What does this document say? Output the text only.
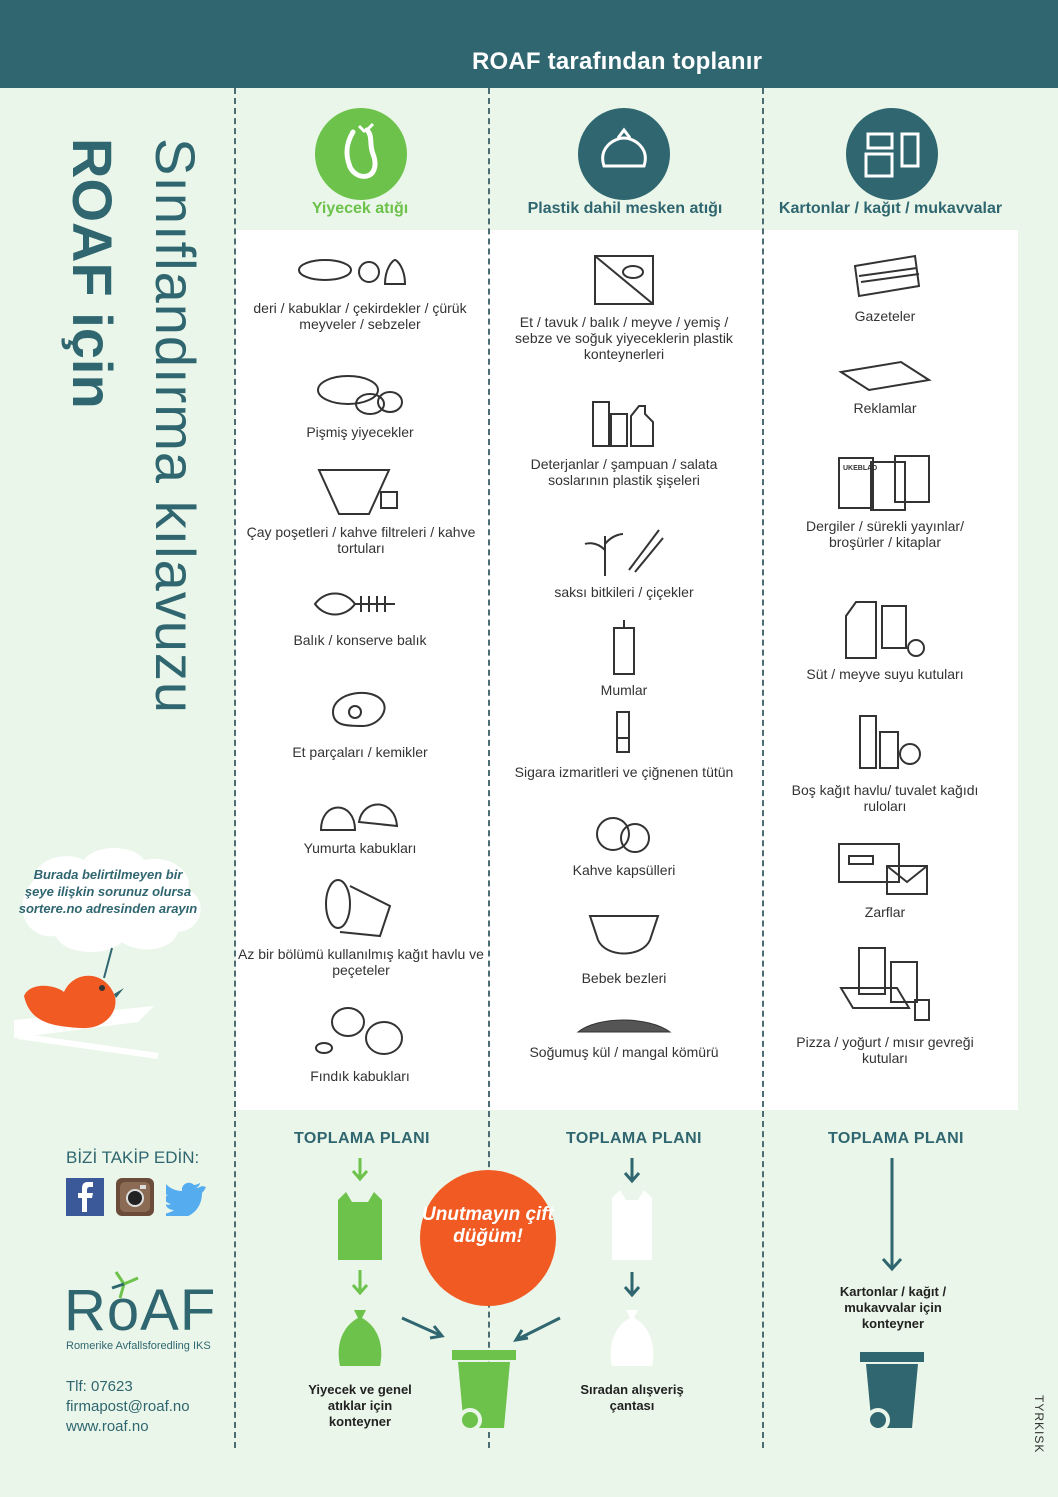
ROAF tarafından toplanır
Sınıflandırma kılavuzu
ROAF için	Yiyecek atığı	Plastik dahil mesken atığı	Kartonlar / kağıt / mukavvalar
deri / kabuklar / çekirdekler / çürük meyveler / sebzeler
Pişmiş yiyecekler
Çay poşetleri / kahve filtreleri / kahve tortuları
Balık / konserve balık
Et parçaları / kemikler
Yumurta kabukları
Az bir bölümü kullanılmış kağıt havlu ve peçeteler
Fındık kabukları
Et / tavuk / balık / meyve / yemiş / sebze ve soğuk yiyeceklerin plastik konteynerleri
Deterjanlar / şampuan / salata soslarının plastik şişeleri
saksı bitkileri / çiçekler
Mumlar
Sigara izmaritleri ve çiğnenen tütün
Kahve kapsülleri
Bebek bezleri
Soğumuş kül / mangal kömürü
Gazeteler
Reklamlar
UKEBLAD
Dergiler / sürekli yayınlar/ broşürler / kitaplar
Süt / meyve suyu kutuları
Boş kağıt havlu/ tuvalet kağıdı ruloları
Zarflar
Pizza / yoğurt / mısır gevreği kutuları
Burada belirtilmeyen bir şeye ilişkin sorunuz olursa sortere.no adresinden arayın
BİZİ TAKİP EDİN:
RoAF
Romerike Avfallsforedling IKS
Tlf: 07623
firmapost@roaf.no
www.roaf.no
TOPLAMA PLANI	TOPLAMA PLANI	TOPLAMA PLANI
Unutmayın çift düğüm!
Yiyecek ve genel atıklar için konteyner
Sıradan alışveriş çantası
Kartonlar / kağıt / mukavvalar için konteyner
TYRKISK
